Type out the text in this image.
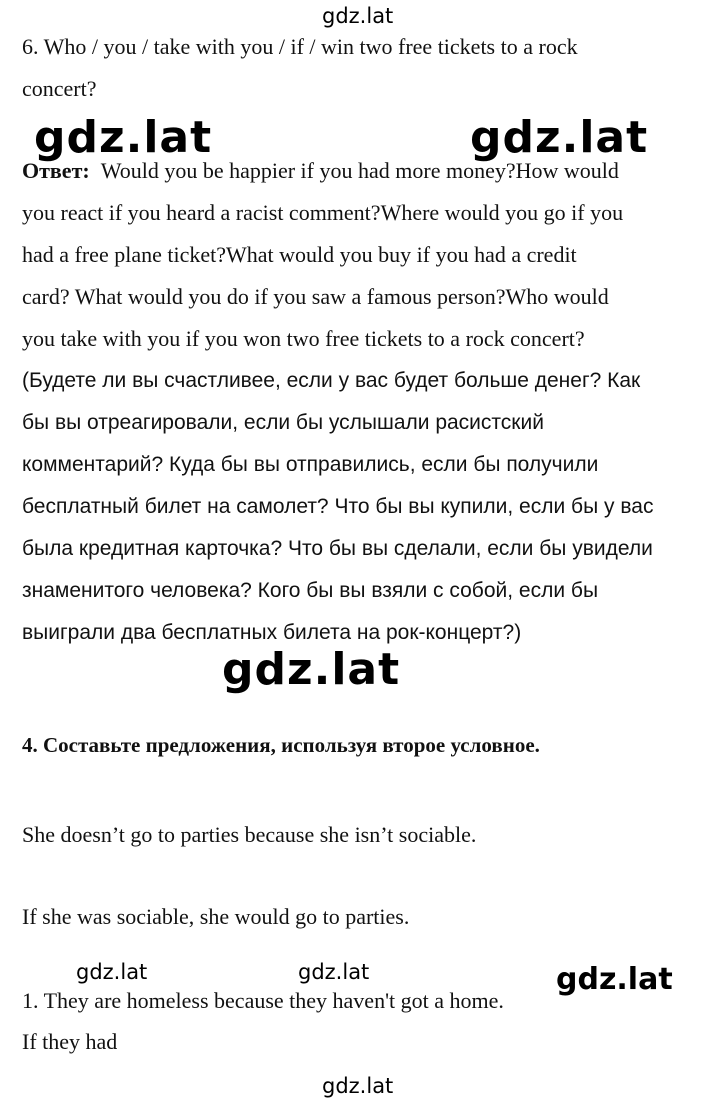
gdz.lat
gdz.lat	gdz.lat
gdz.lat
gdz.lat	gdz.lat	gdz.lat
gdz.lat
6. Who / you / take with you / if / win two free tickets to a rock
concert?
Ответ: Would you be happier if you had more money?How would
you react if you heard a racist comment?Where would you go if you
had a free plane ticket?What would you buy if you had a credit
card? What would you do if you saw a famous person?Who would
you take with you if you won two free tickets to a rock concert?
(Будете ли вы счастливее, если у вас будет больше денег? Как
бы вы отреагировали, если бы услышали расистский
комментарий? Куда бы вы отправились, если бы получили
бесплатный билет на самолет? Что бы вы купили, если бы у вас
была кредитная карточка? Что бы вы сделали, если бы увидели
знаменитого человека? Кого бы вы взяли с собой, если бы
выиграли два бесплатных билета на рок-концерт?)
4. Составьте предложения, используя второе условное.
She doesn’t go to parties because she isn’t sociable.
If she was sociable, she would go to parties.
1. They are homeless because they haven't got a home.
If they had
